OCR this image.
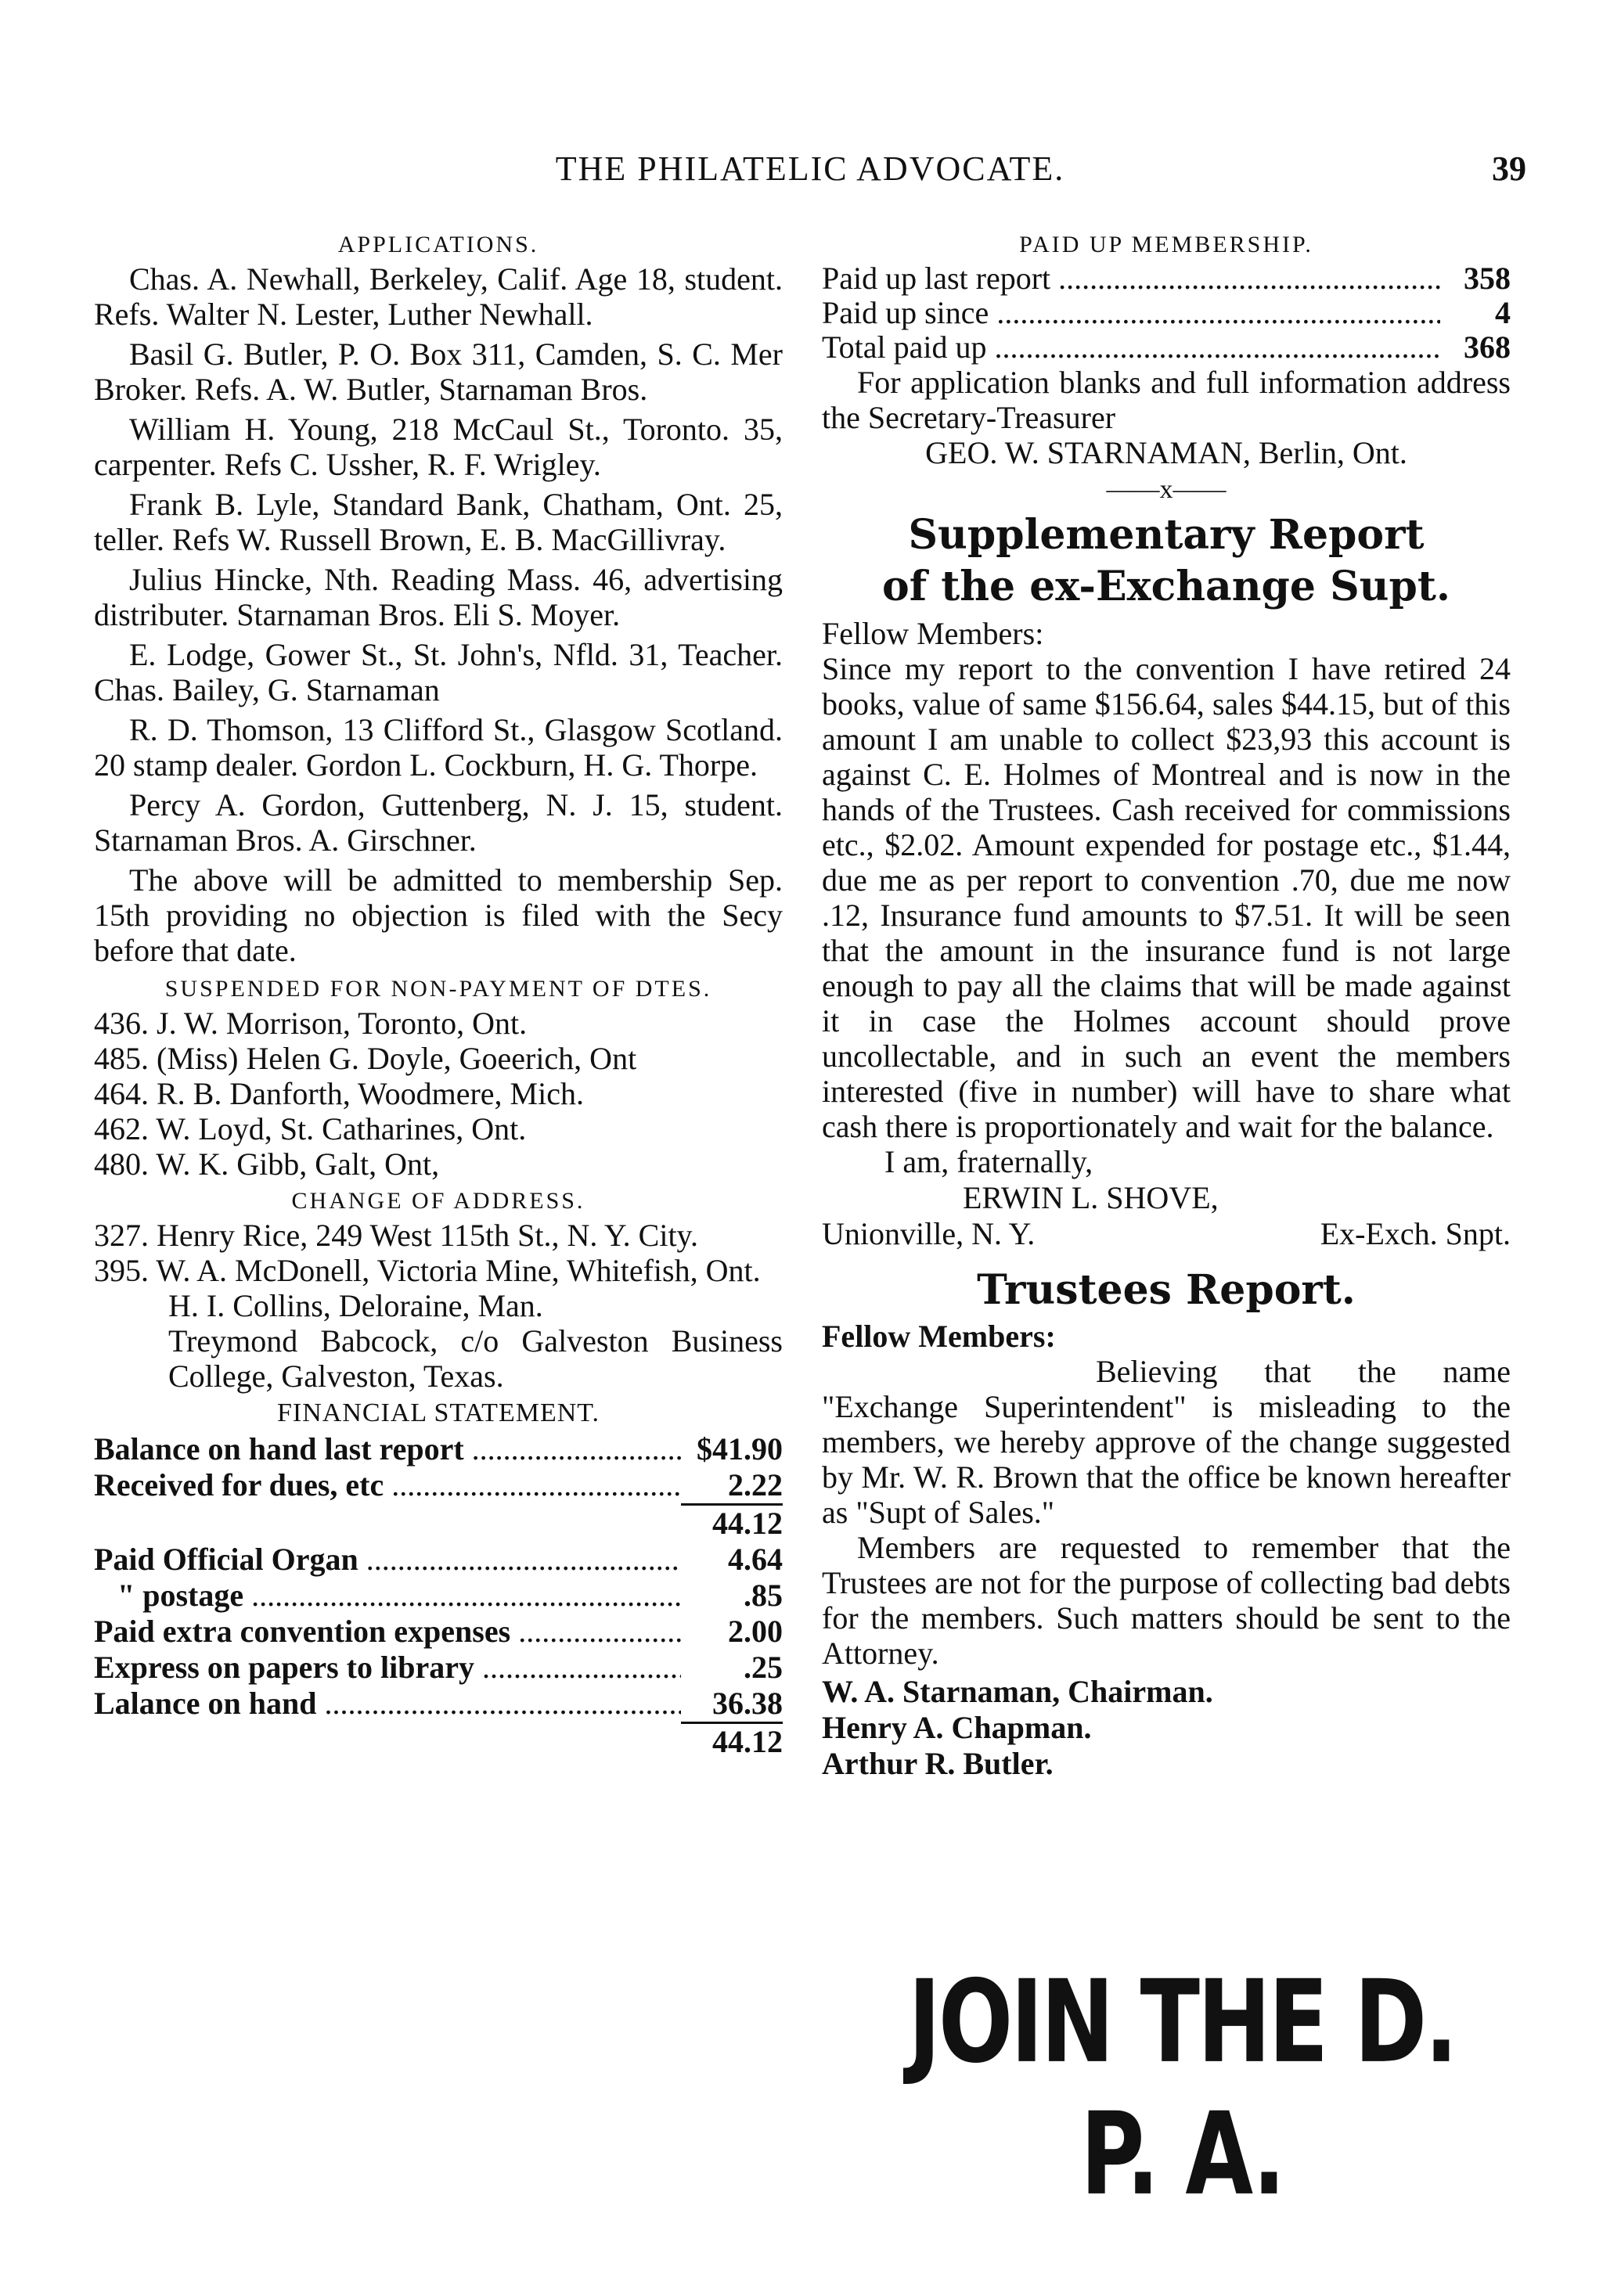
THE PHILATELIC ADVOCATE.	39
APPLICATIONS.

Chas. A. Newhall, Berkeley, Calif. Age 18, student. Refs. Walter N. Lester, Luther Newhall.

Basil G. Butler, P. O. Box 311, Camden, S. C. Mer Broker. Refs. A. W. Butler, Starnaman Bros.

William H. Young, 218 McCaul St., Toronto. 35, carpenter. Refs C. Ussher, R. F. Wrigley.

Frank B. Lyle, Standard Bank, Chatham, Ont. 25, teller. Refs W. Russell Brown, E. B. MacGillivray.

Julius Hincke, Nth. Reading Mass. 46, advertising distributer. Starnaman Bros. Eli S. Moyer.

E. Lodge, Gower St., St. John's, Nfld. 31, Teacher. Chas. Bailey, G. Starnaman

R. D. Thomson, 13 Clifford St., Glasgow Scotland. 20 stamp dealer. Gordon L. Cockburn, H. G. Thorpe.

Percy A. Gordon, Guttenberg, N. J. 15, student. Starnaman Bros. A. Girschner.

The above will be admitted to membership Sep. 15th providing no objection is filed with the Secy before that date.

SUSPENDED FOR NON-PAYMENT OF DTES.

436. J. W. Morrison, Toronto, Ont.

485. (Miss) Helen G. Doyle, Goeerich, Ont

464. R. B. Danforth, Woodmere, Mich.

462. W. Loyd, St. Catharines, Ont.

480. W. K. Gibb, Galt, Ont,

CHANGE OF ADDRESS.

327. Henry Rice, 249 West 115th St., N. Y. City.

395. W. A. McDonell, Victoria Mine, Whitefish, Ont.

H. I. Collins, Deloraine, Man.

Treymond Babcock, c/o Galveston Business College, Galveston, Texas.

FINANCIAL STATEMENT.
Balance on hand last report .....	$41.90
Received for dues, etc .....	2.22
44.12
Paid Official Organ .....	4.64
" postage .....	.85
Paid extra convention expenses .....	2.00
Express on papers to library .....	.25
Lalance on hand .....	36.38
44.12
PAID UP MEMBERSHIP.
Paid up last report .....	358
Paid up since .....	4
Total paid up .....	368

For application blanks and full information address the Secretary-Treasurer

GEO. W. STARNAMAN, Berlin, Ont.

——x——
Supplementary Report
of the ex-Exchange Supt.

Fellow Members:

Since my report to the convention I have retired 24 books, value of same $156.64, sales $44.15, but of this amount I am unable to collect $23,93 this account is against C. E. Holmes of Montreal and is now in the hands of the Trustees. Cash received for commissions etc., $2.02. Amount expended for postage etc., $1.44, due me as per report to convention .70, due me now .12, Insurance fund amounts to $7.51. It will be seen that the amount in the insurance fund is not large enough to pay all the claims that will be made against it in case the Holmes account should prove uncollectable, and in such an event the members interested (five in number) will have to share what cash there is proportionately and wait for the balance.

I am, fraternally,
ERWIN L. SHOVE,
Unionville, N. Y.	Ex-Exch. Snpt.
Trustees Report.

Fellow Members:

Believing that the name "Exchange Superintendent" is misleading to the members, we hereby approve of the change suggested by Mr. W. R. Brown that the office be known hereafter as "Supt of Sales."

Members are requested to remember that the Trustees are not for the purpose of collecting bad debts for the members. Such matters should be sent to the Attorney.

W. A. Starnaman, Chairman.
Henry A. Chapman.
Arthur R. Butler.
JOIN THE D. P. A.
